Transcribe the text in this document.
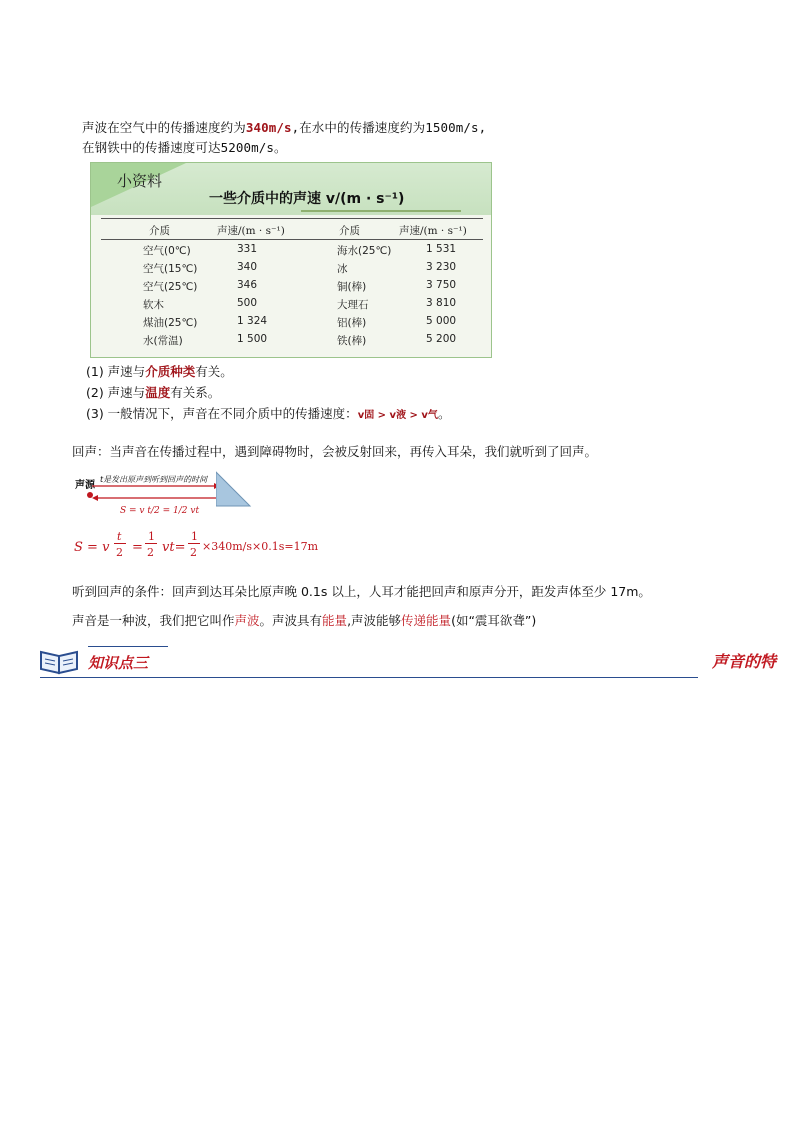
声波在空气中的传播速度约为340m/s,在水中的传播速度约为1500m/s,
在钢铁中的传播速度可达5200m/s。
小资料
一些介质中的声速 v/(m · s⁻¹)
介质	声速/(m · s⁻¹)	介质	声速/(m · s⁻¹)
空气(0℃)	331	海水(25℃)	1 531
空气(15℃)	340	冰	3 230
空气(25℃)	346	铜(棒)	3 750
软木	500	大理石	3 810
煤油(25℃)	1 324	铝(棒)	5 000
水(常温)	1 500	铁(棒)	5 200
(1) 声速与介质种类有关。
(2) 声速与温度有关系。
(3) 一般情况下，声音在不同介质中的传播速度：v固 > v液 > v气。
回声：当声音在传播过程中，遇到障碍物时，会被反射回来，再传入耳朵，我们就听到了回声。
声源
t是发出原声到听到回声的时间
S = v t/2 = 1/2 vt
S = v
t
2 =
1
2 vt=
1
2 ×340m/s×0.1s=17m
听到回声的条件：回声到达耳朵比原声晚 0.1s 以上，人耳才能把回声和原声分开，距发声体至少 17m。
声音是一种波，我们把它叫作声波。声波具有能量,声波能够传递能量(如“震耳欲聋”)
知识点三	声音的特
